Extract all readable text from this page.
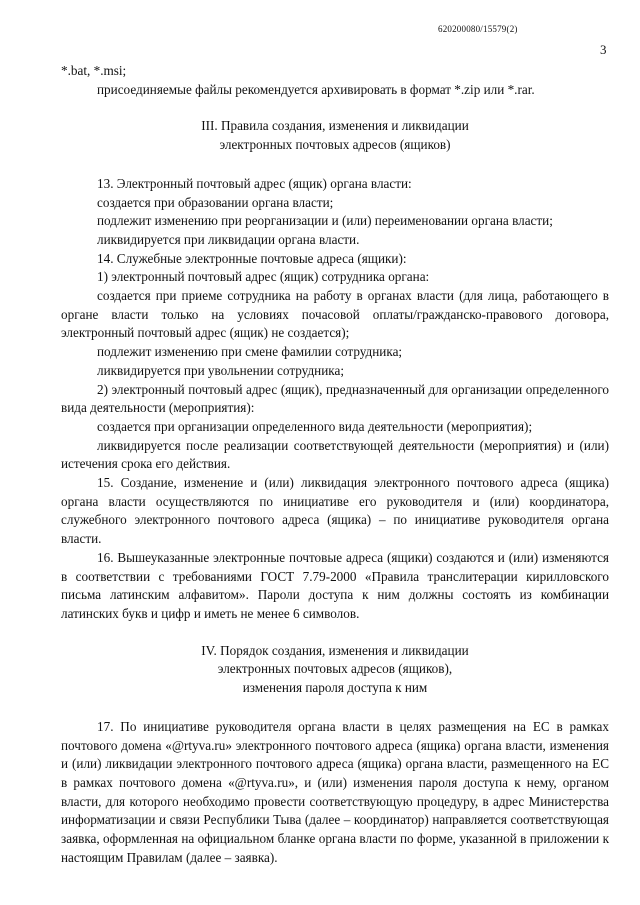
620200080/15579(2)
3

*.bat, *.msi;

присоединяемые файлы рекомендуется архивировать в формат *.zip или *.rar.

III. Правила создания, изменения и ликвидации

электронных почтовых адресов (ящиков)

13. Электронный почтовый адрес (ящик) органа власти:

создается при образовании органа власти;

подлежит изменению при реорганизации и (или) переименовании органа власти;

ликвидируется при ликвидации органа власти.

14. Служебные электронные почтовые адреса (ящики):

1) электронный почтовый адрес (ящик) сотрудника органа:

создается при приеме сотрудника на работу в органах власти (для лица, работающего в органе власти только на условиях почасовой оплаты/гражданско-правового договора, электронный почтовый адрес (ящик) не создается);

подлежит изменению при смене фамилии сотрудника;

ликвидируется при увольнении сотрудника;

2) электронный почтовый адрес (ящик), предназначенный для организации определенного вида деятельности (мероприятия):

создается при организации определенного вида деятельности (мероприятия);

ликвидируется после реализации соответствующей деятельности (мероприятия) и (или) истечения срока его действия.

15. Создание, изменение и (или) ликвидация электронного почтового адреса (ящика) органа власти осуществляются по инициативе его руководителя и (или) координатора, служебного электронного почтового адреса (ящика) – по инициативе руководителя органа власти.

16. Вышеуказанные электронные почтовые адреса (ящики) создаются и (или) изменяются в соответствии с требованиями ГОСТ 7.79-2000 «Правила транслитерации кирилловского письма латинским алфавитом». Пароли доступа к ним должны состоять из комбинации латинских букв и цифр и иметь не менее 6 символов.

IV. Порядок создания, изменения и ликвидации

электронных почтовых адресов (ящиков),

изменения пароля доступа к ним

17. По инициативе руководителя органа власти в целях размещения на ЕС в рамках почтового домена «@rtyva.ru» электронного почтового адреса (ящика) органа власти, изменения и (или) ликвидации электронного почтового адреса (ящика) органа власти, размещенного на ЕС в рамках почтового домена «@rtyva.ru», и (или) изменения пароля доступа к нему, органом власти, для которого необходимо провести соответствующую процедуру, в адрес Министерства информатизации и связи Республики Тыва (далее – координатор) направляется соответствующая заявка, оформленная на официальном бланке органа власти по форме, указанной в приложении к настоящим Правилам (далее – заявка).
